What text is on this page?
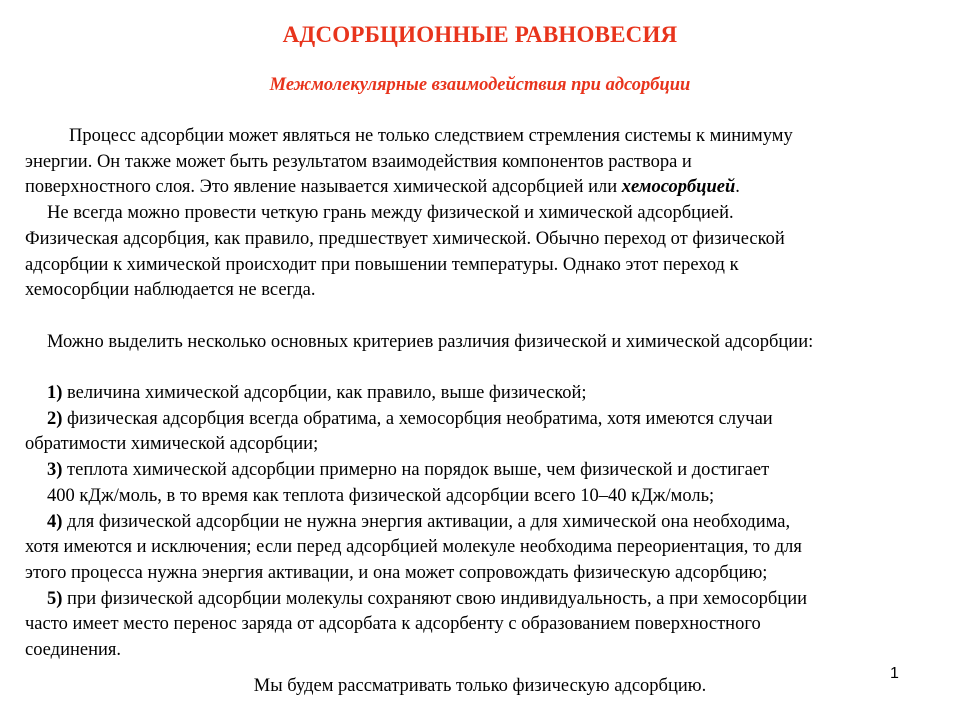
АДСОРБЦИОННЫЕ РАВНОВЕСИЯ
Межмолекулярные взаимодействия при адсорбции
Процесс адсорбции может являться не только следствием стремления системы к минимуму
энергии. Он также может быть результатом взаимодействия компонентов раствора и
поверхностного слоя. Это явление называется химической адсорбцией или хемосорбцией.
Не всегда можно провести четкую грань между физической и химической адсорбцией.
Физическая адсорбция, как правило, предшествует химической. Обычно переход от физической
адсорбции к химической происходит при повышении температуры. Однако этот переход к
хемосорбции наблюдается не всегда.
Можно выделить несколько основных критериев различия физической и химической адсорбции:
1) величина химической адсорбции, как правило, выше физической;
2) физическая адсорбция всегда обратима, а хемосорбция необратима, хотя имеются случаи
обратимости химической адсорбции;
3) теплота химической адсорбции примерно на порядок выше, чем физической и достигает
400 кДж/моль, в то время как теплота физической адсорбции всего 10–40 кДж/моль;
4) для физической адсорбции не нужна энергия активации, а для химической она необходима,
хотя имеются и исключения; если перед адсорбцией молекуле необходима переориентация, то для
этого процесса нужна энергия активации, и она может сопровождать физическую адсорбцию;
5) при физической адсорбции молекулы сохраняют свою индивидуальность, а при хемосорбции
часто имеет место перенос заряда от адсорбата к адсорбенту с образованием поверхностного
соединения.
1
Мы будем рассматривать только физическую адсорбцию.
